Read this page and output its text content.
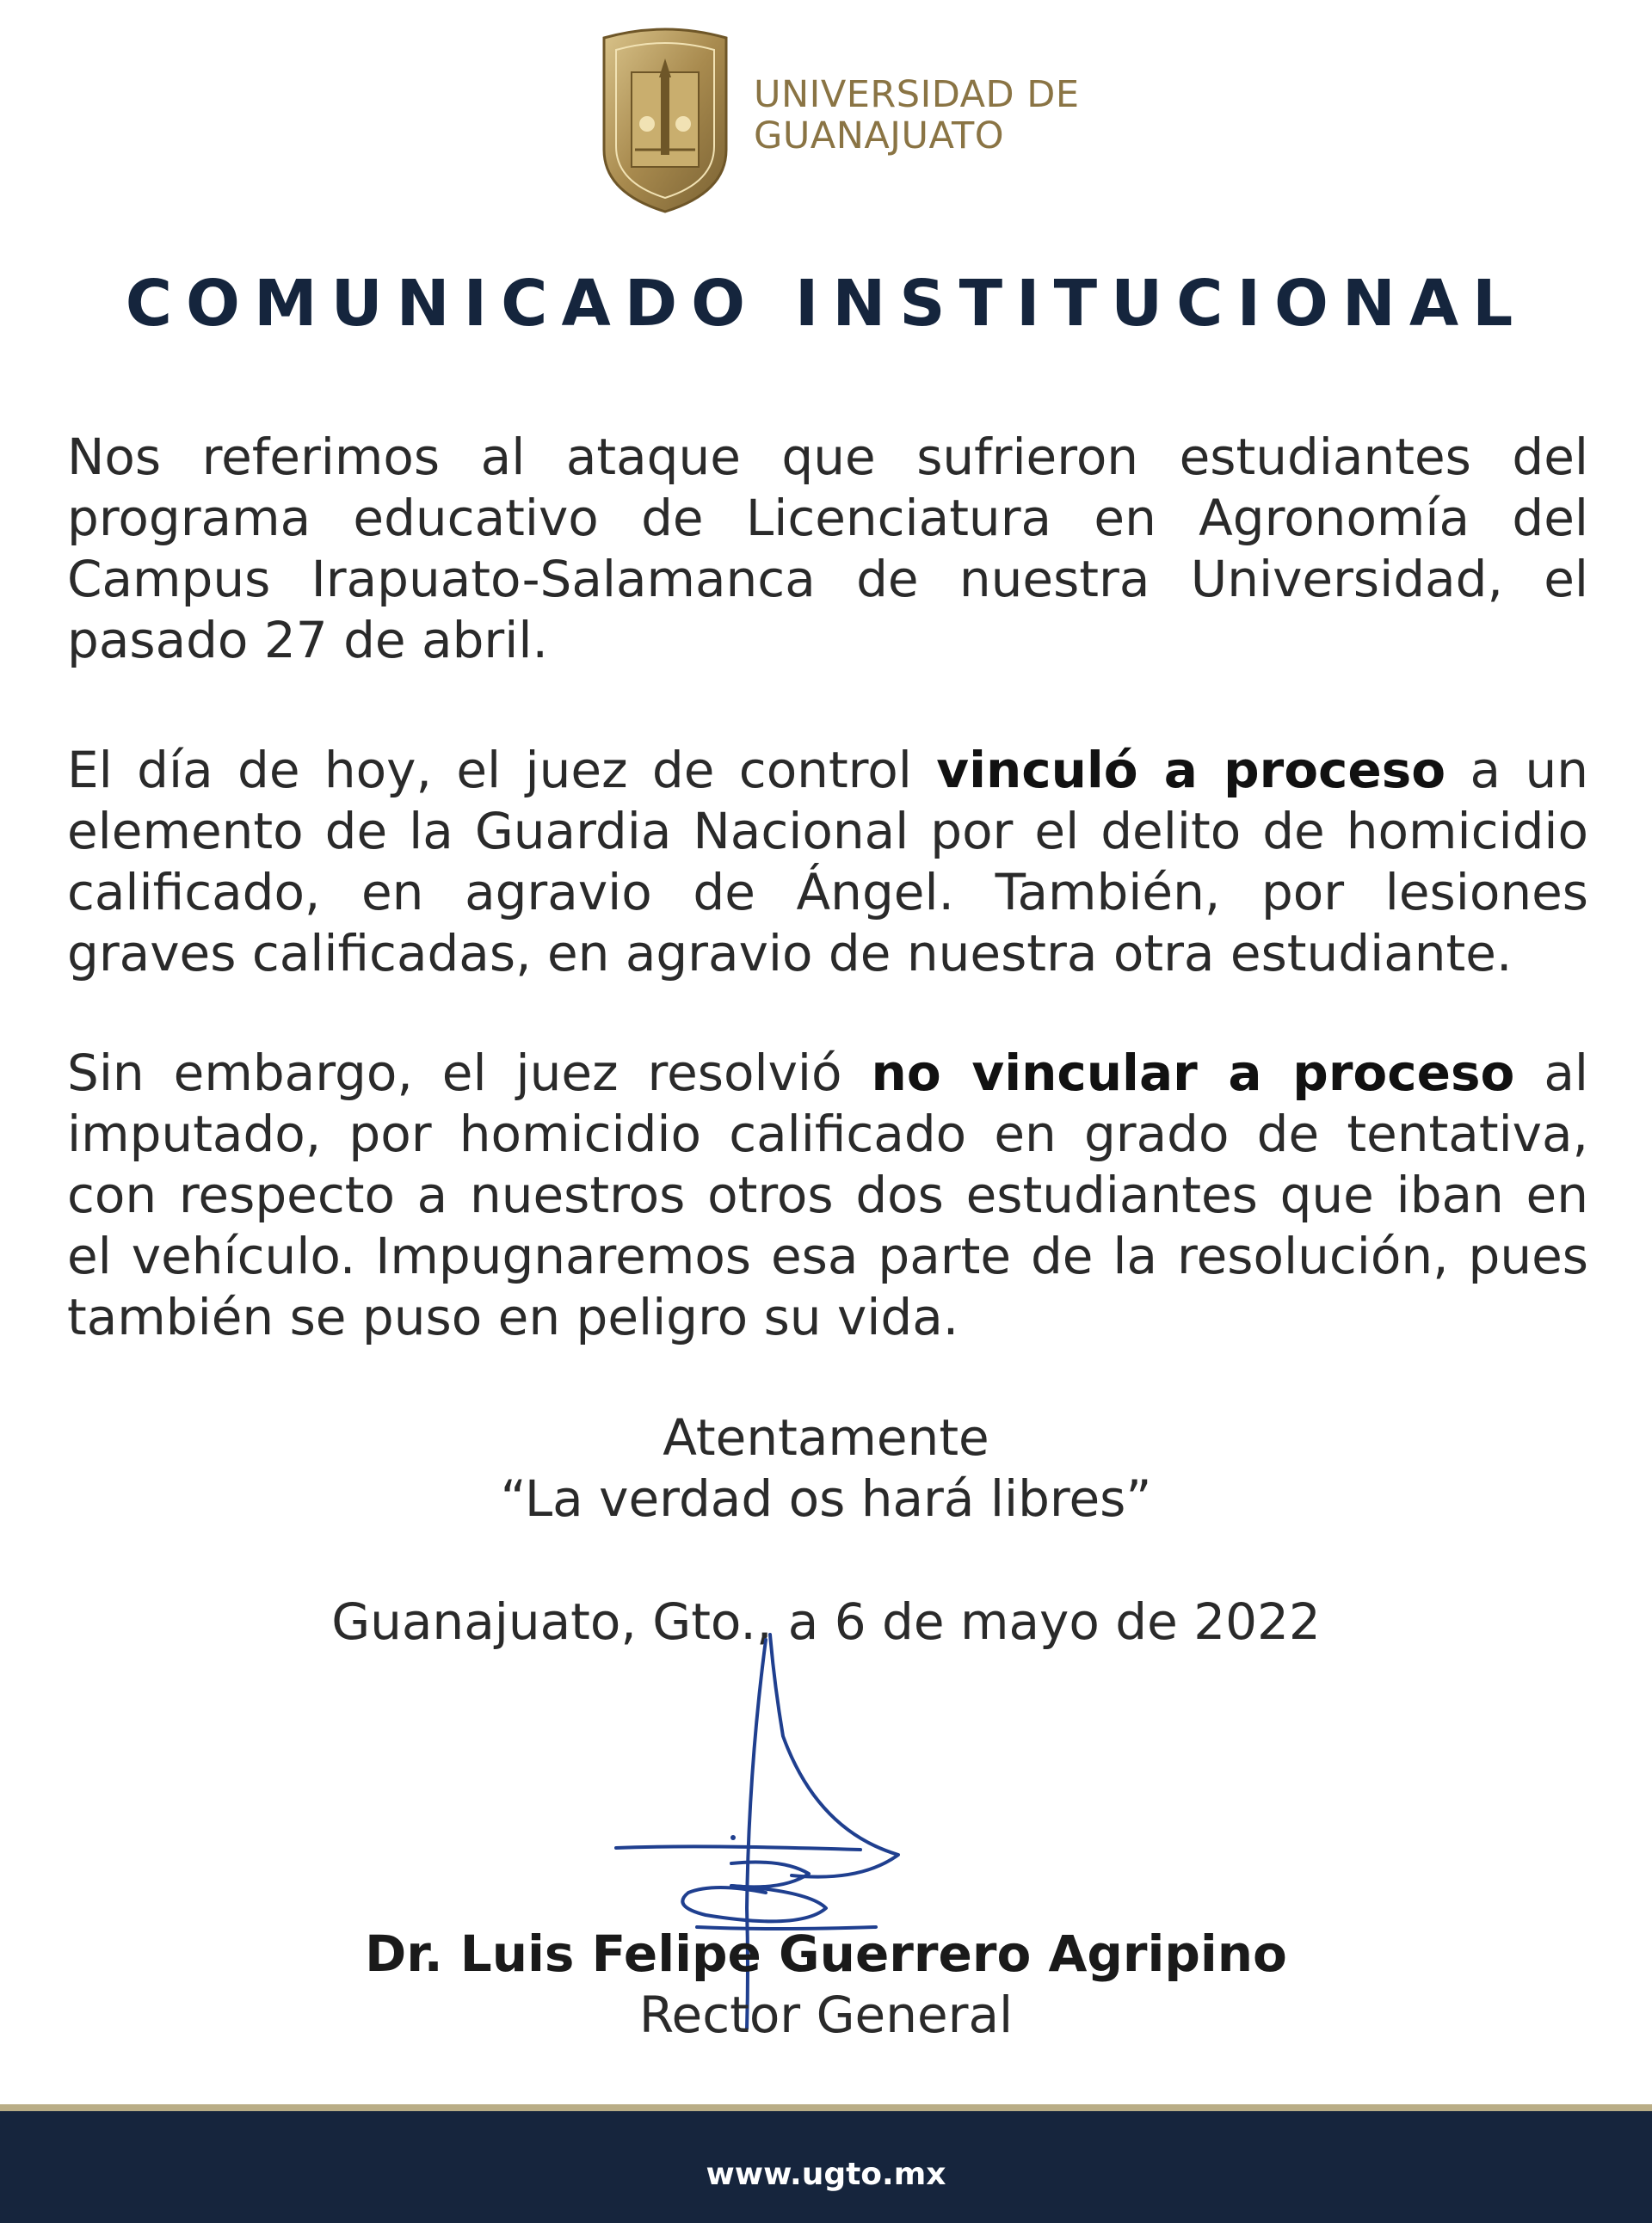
UNIVERSIDAD DE
GUANAJUATO
COMUNICADO INSTITUCIONAL
Nos referimos al ataque que sufrieron estudiantes del programa educativo de Licenciatura en Agronomía del Campus Irapuato-Salamanca de nuestra Universidad, el pasado 27 de abril.
El día de hoy, el juez de control vinculó a proceso a un elemento de la Guardia Nacional por el delito de homicidio calificado, en agravio de Ángel. También, por lesiones graves calificadas, en agravio de nuestra otra estudiante.
Sin embargo, el juez resolvió no vincular a proceso al imputado, por homicidio calificado en grado de tentativa, con respecto a nuestros otros dos estudiantes que iban en el vehículo. Impugnaremos esa parte de la resolución, pues también se puso en peligro su vida.
Atentamente
“La verdad os hará libres”
Guanajuato, Gto., a 6 de mayo de 2022
Dr. Luis Felipe Guerrero Agripino
Rector General
www.ugto.mx
